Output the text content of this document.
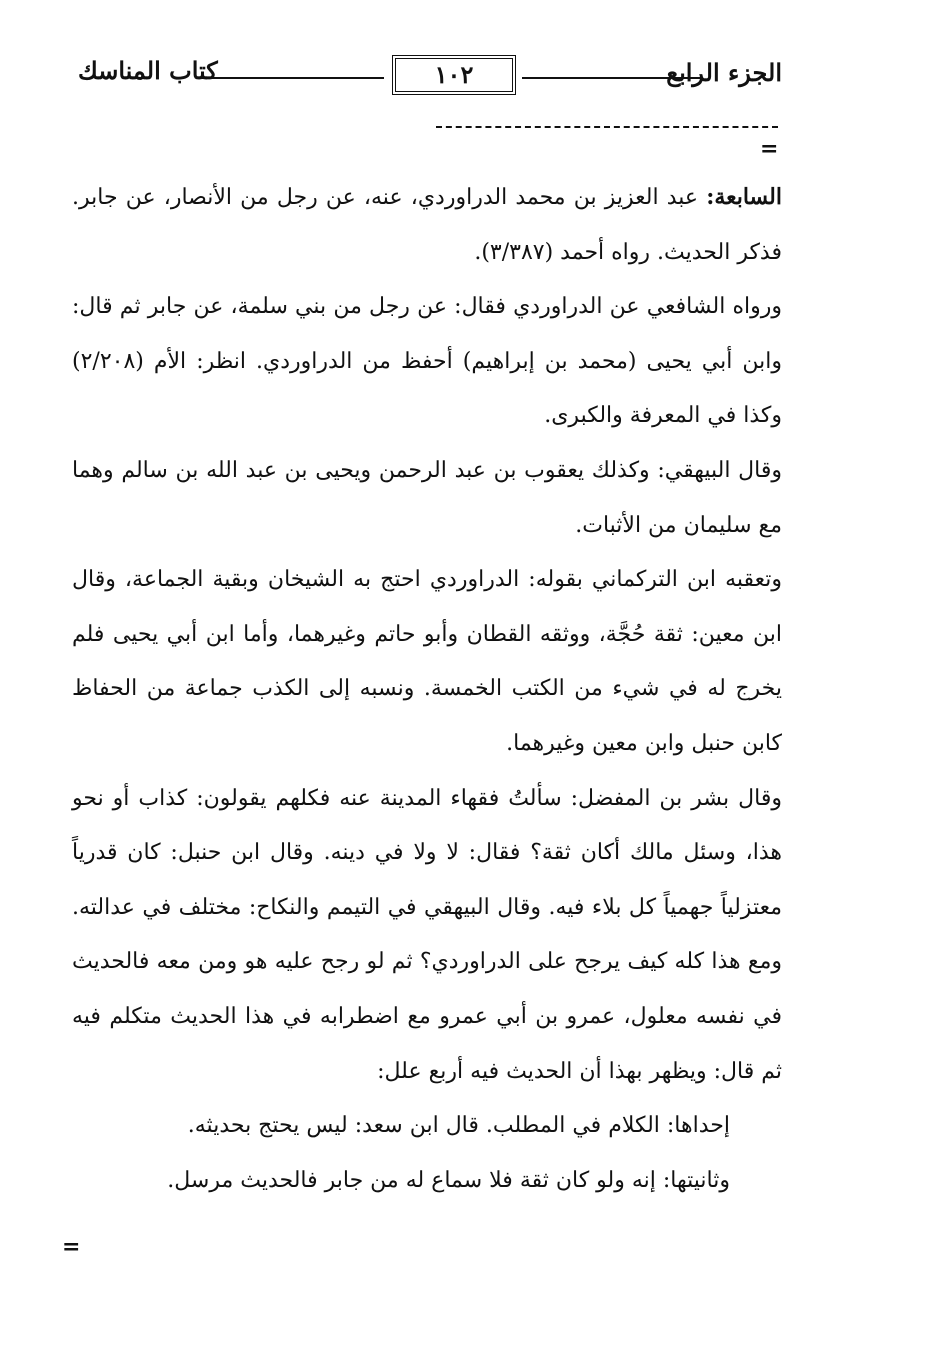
الجزء الرابع
١٠٢
كتاب المناسك
=

السابعة: عبد العزيز بن محمد الدراوردي، عنه، عن رجل من الأنصار، عن جابر. فذكر الحديث. رواه أحمد (٣/٣٨٧).

ورواه الشافعي عن الدراوردي فقال: عن رجل من بني سلمة، عن جابر ثم قال: وابن أبي يحيى (محمد بن إبراهيم) أحفظ من الدراوردي. انظر: الأم (٢/٢٠٨) وكذا في المعرفة والكبرى.

وقال البيهقي: وكذلك يعقوب بن عبد الرحمن ويحيى بن عبد الله بن سالم وهما مع سليمان من الأثبات.

وتعقبه ابن التركماني بقوله: الدراوردي احتج به الشيخان وبقية الجماعة، وقال ابن معين: ثقة حُجَّة، ووثقه القطان وأبو حاتم وغيرهما، وأما ابن أبي يحيى فلم يخرج له في شيء من الكتب الخمسة. ونسبه إلى الكذب جماعة من الحفاظ كابن حنبل وابن معين وغيرهما.

وقال بشر بن المفضل: سألتُ فقهاء المدينة عنه فكلهم يقولون: كذاب أو نحو هذا، وسئل مالك أكان ثقة؟ فقال: لا ولا في دينه. وقال ابن حنبل: كان قدرياً معتزلياً جهمياً كل بلاء فيه. وقال البيهقي في التيمم والنكاح: مختلف في عدالته. ومع هذا كله كيف يرجح على الدراوردي؟ ثم لو رجح عليه هو ومن معه فالحديث في نفسه معلول، عمرو بن أبي عمرو مع اضطرابه في هذا الحديث متكلم فيه ثم قال: ويظهر بهذا أن الحديث فيه أربع علل:

إحداها: الكلام في المطلب. قال ابن سعد: ليس يحتج بحديثه.

وثانيتها: إنه ولو كان ثقة فلا سماع له من جابر فالحديث مرسل.

=
